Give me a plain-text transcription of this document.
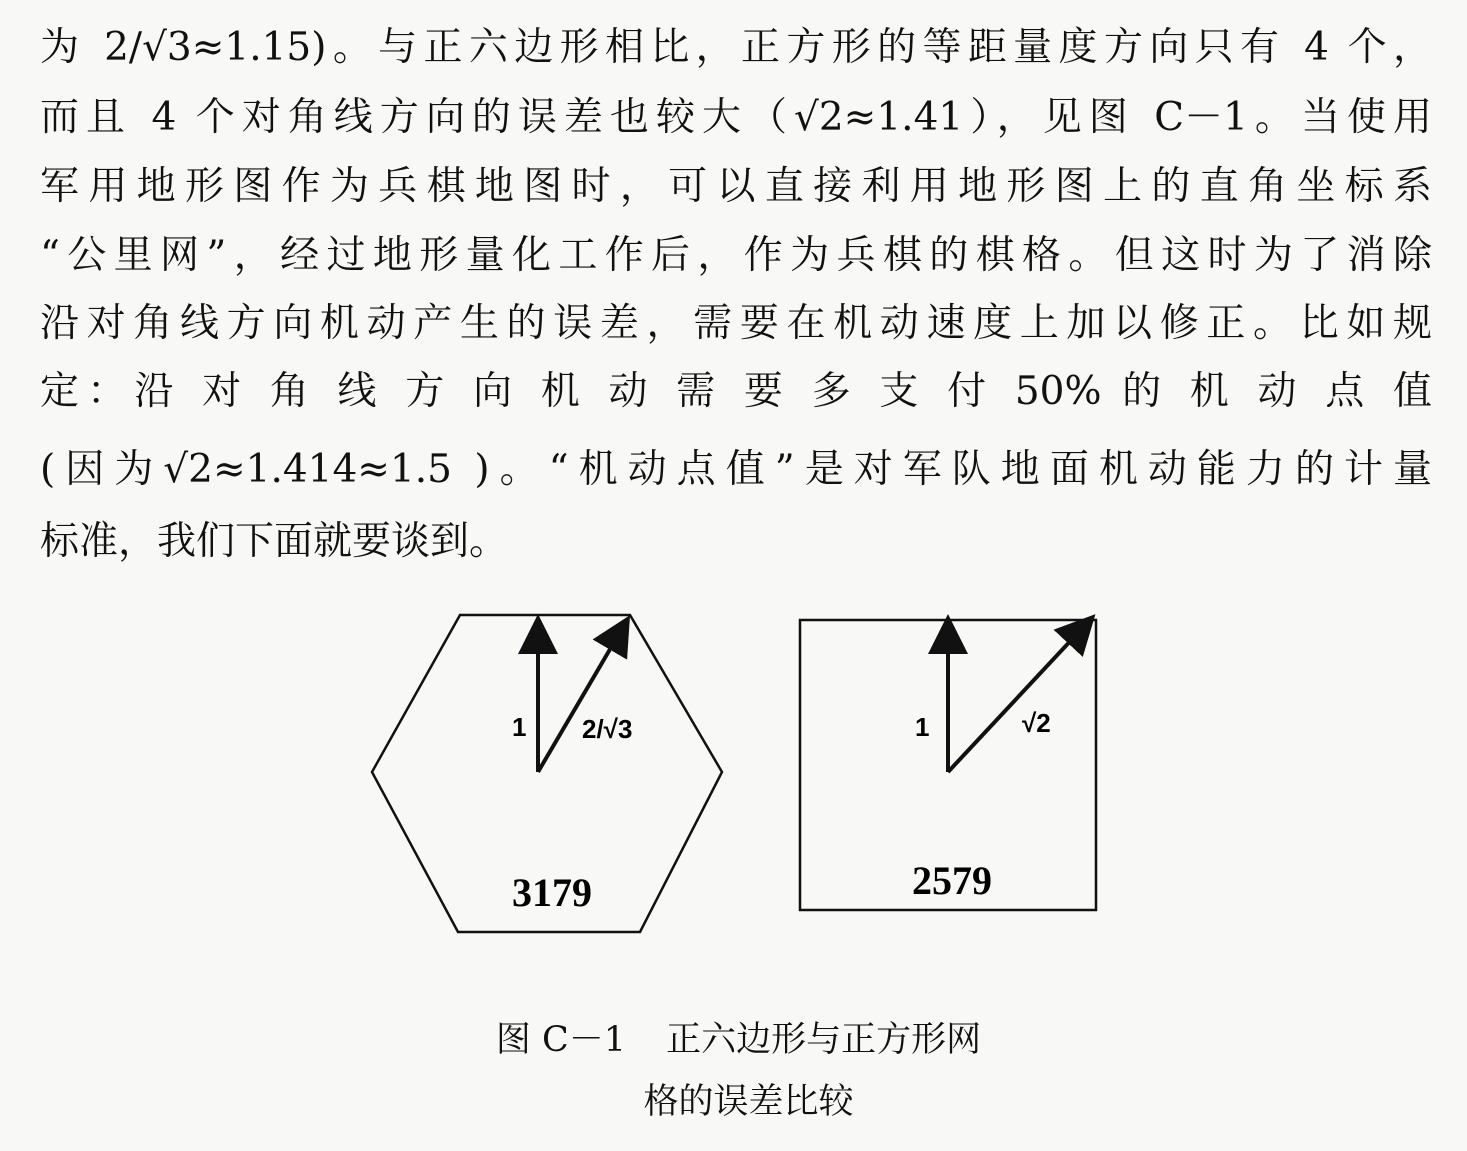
为 2/√3≈1.15)。与正六边形相比，正方形的等距量度方向只有 4 个，
而且 4 个对角线方向的误差也较大（√2≈1.41），见图 C－1。当使用
军用地形图作为兵棋地图时，可以直接利用地形图上的直角坐标系
“公里网”，经过地形量化工作后，作为兵棋的棋格。但这时为了消除
沿对角线方向机动产生的误差，需要在机动速度上加以修正。比如规
定：沿 对 角 线 方 向 机 动 需 要 多 支 付 50% 的 机 动 点 值
(因为√2≈1.414≈1.5 )。“机动点值”是对军队地面机动能力的计量
标准，我们下面就要谈到。
1 2/√3
3179
1	√2
2579
图 C－1 正六边形与正方形网
格的误差比较
